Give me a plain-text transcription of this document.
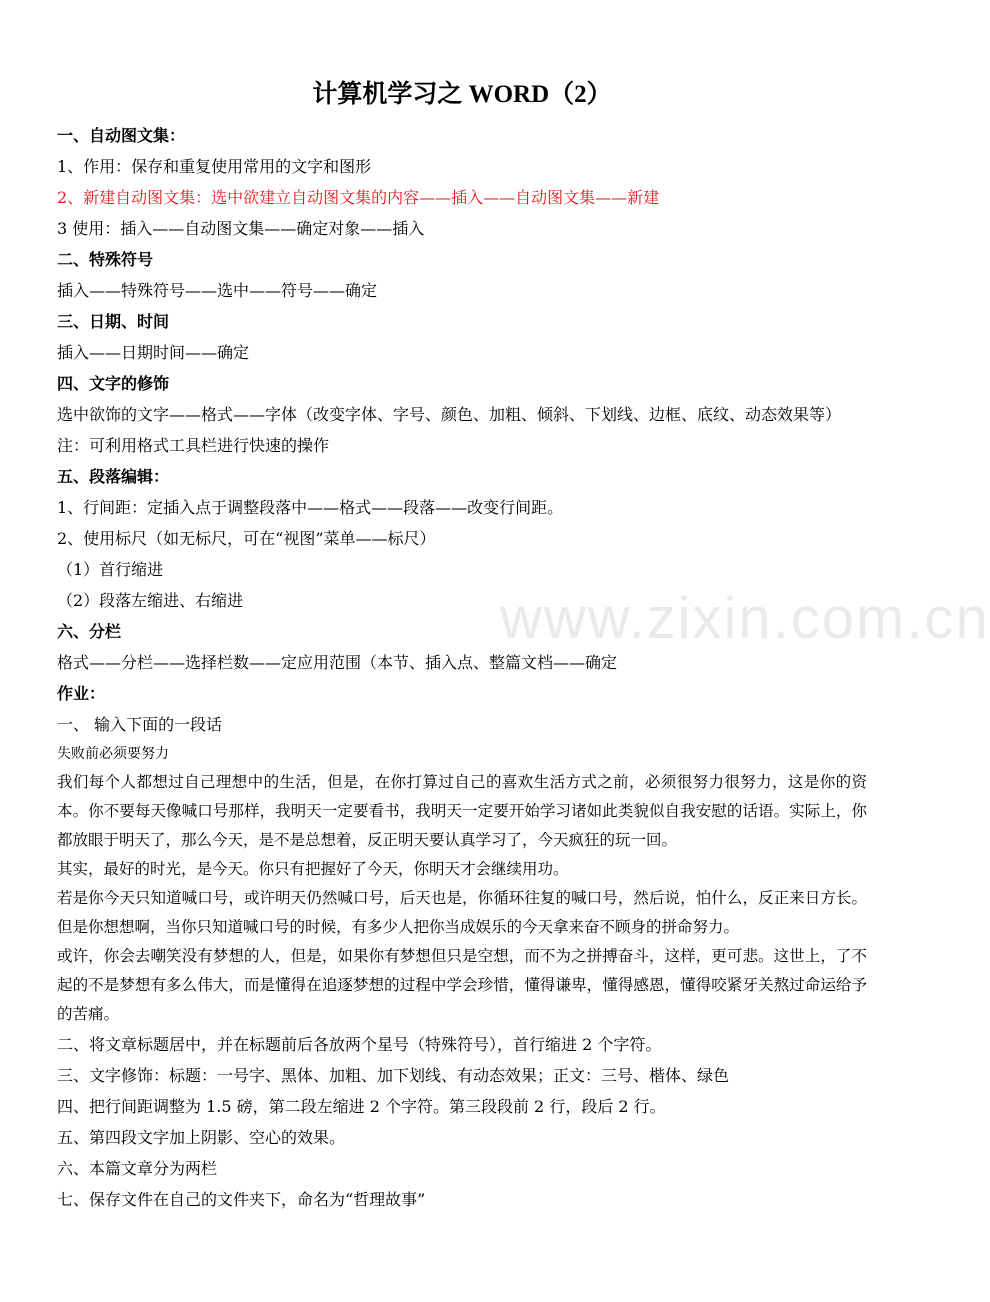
www.zixin.com.cn

计算机学习之 WORD（2）

一、自动图文集：

1、作用：保存和重复使用常用的文字和图形

2、新建自动图文集：选中欲建立自动图文集的内容——插入——自动图文集——新建

3 使用：插入——自动图文集——确定对象——插入

二、特殊符号

插入——特殊符号——选中——符号——确定

三、日期、时间

插入——日期时间——确定

四、文字的修饰

选中欲饰的文字——格式——字体（改变字体、字号、颜色、加粗、倾斜、下划线、边框、底纹、动态效果等）注：可利用格式工具栏进行快速的操作

五、段落编辑：

1、行间距：定插入点于调整段落中——格式——段落——改变行间距。

2、使用标尺（如无标尺，可在“视图”菜单——标尺）

（1）首行缩进

（2）段落左缩进、右缩进

六、分栏

格式——分栏——选择栏数——定应用范围（本节、插入点、整篇文档——确定

作业：

一、 输入下面的一段话

失败前必须要努力

我们每个人都想过自己理想中的生活，但是，在你打算过自己的喜欢生活方式之前，必须很努力很努力，这是你的资本。你不要每天像喊口号那样，我明天一定要看书，我明天一定要开始学习诸如此类貌似自我安慰的话语。实际上，你都放眼于明天了，那么今天，是不是总想着，反正明天要认真学习了，今天疯狂的玩一回。

其实，最好的时光，是今天。你只有把握好了今天，你明天才会继续用功。

若是你今天只知道喊口号，或许明天仍然喊口号，后天也是，你循环往复的喊口号，然后说，怕什么，反正来日方长。但是你想想啊，当你只知道喊口号的时候，有多少人把你当成娱乐的今天拿来奋不顾身的拼命努力。

或许，你会去嘲笑没有梦想的人，但是，如果你有梦想但只是空想，而不为之拼搏奋斗，这样，更可悲。这世上，了不起的不是梦想有多么伟大，而是懂得在追逐梦想的过程中学会珍惜，懂得谦卑，懂得感恩，懂得咬紧牙关熬过命运给予的苦痛。

二、将文章标题居中，并在标题前后各放两个星号（特殊符号），首行缩进 2 个字符。

三、文字修饰：标题：一号字、黑体、加粗、加下划线、有动态效果；正文：三号、楷体、绿色

四、把行间距调整为 1.5 磅，第二段左缩进 2 个字符。第三段段前 2 行，段后 2 行。

五、第四段文字加上阴影、空心的效果。

六、本篇文章分为两栏

七、保存文件在自己的文件夹下，命名为“哲理故事”
